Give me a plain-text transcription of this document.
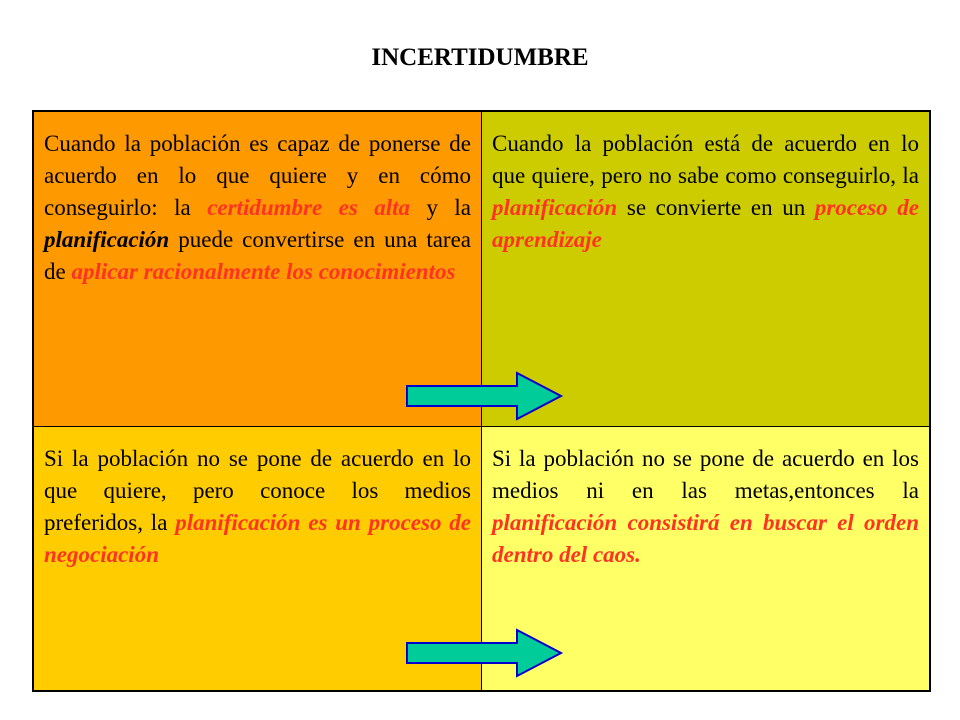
INCERTIDUMBRE
Cuando la población es capaz de ponerse de acuerdo en lo que quiere y en cómo conseguirlo: la certidumbre es alta y la planificación puede convertirse en una tarea de aplicar racionalmente los conocimientos
Cuando la población está de acuerdo en lo que quiere, pero no sabe como conseguirlo, la planificación se convierte en un proceso de aprendizaje
Si la población no se pone de acuerdo en lo que quiere, pero conoce los medios preferidos, la planificación es un proceso de negociación
Si la población no se pone de acuerdo en los medios ni en las metas,entonces la planificación consistirá en buscar el orden dentro del caos.
